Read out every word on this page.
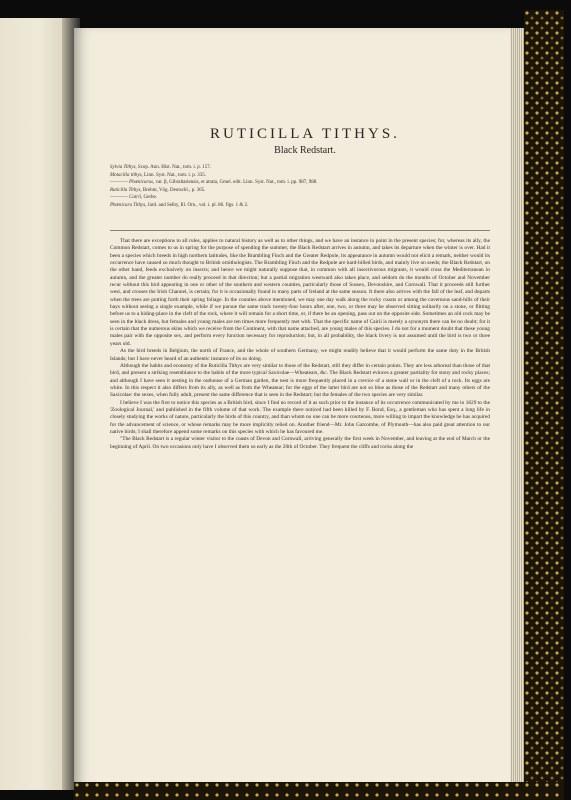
RUTICILLA TITHYS.
Black Redstart.
Sylvia Tithys, Scop. Ann. Hist. Nat., tom. i. p. 157.
Motacilla tithys, Linn. Syst. Nat., tom. i. p. 335.
———— Phœnicurus, var. β, Gibraltariensis, et atrata, Gmel. edit. Linn. Syst. Nat., tom. i. pp. 987, 988.
Ruticilla Tithys, Brehm, Vög. Deutschl., p. 365.
———— Cairii, Gerbe.
Phœnicura Tithys, Jard. and Selby, Ill. Orn., vol. i. pl. 86. figs. 1 & 2.

That there are exceptions to all rules, applies to natural history as well as to other things, and we have an instance in point in the present species; for, whereas its ally, the Common Redstart, comes to us in spring for the purpose of spending the summer, the Black Redstart arrives in autumn, and takes its departure when the winter is over. Had it been a species which breeds in high northern latitudes, like the Brambling Finch and the Greater Redpole, its appearance in autumn would not elicit a remark, neither would its occurrence have caused so much thought to British ornithologists. The Brambling Finch and the Redpole are hard-billed birds, and mainly live on seeds; the Black Redstart, on the other hand, feeds exclusively on insects; and hence we might naturally suppose that, in common with all insectivorous migrants, it would cross the Mediterranean in autumn, and the greater number do really proceed in that direction; but a partial migration westward also takes place, and seldom do the months of October and November recur without this bird appearing in one or other of the southern and western counties, particularly those of Sussex, Devonshire, and Cornwall. That it proceeds still further west, and crosses the Irish Channel, is certain; for it is occasionally found in many parts of Ireland at the same season. It there also arrives with the fall of the leaf, and departs when the trees are putting forth their spring foliage. In the counties above mentioned, we may one day walk along the rocky coasts or among the cavernous sand-hills of their bays without seeing a single example, while if we pursue the same track twenty-four hours after, one, two, or three may be observed sitting solitarily on a stone, or flitting before us to a hiding-place in the cleft of the rock, where it will remain for a short time, or, if there be an opening, pass out on the opposite side. Sometimes an old cock may be seen in the black dress, but females and young males are ten times more frequently met with. That the specific name of Cairii is merely a synonym there can be no doubt; for it is certain that the numerous skins which we receive from the Continent, with that name attached, are young males of this species. I do not for a moment doubt that these young males pair with the opposite sex, and perform every function necessary for reproduction; but, in all probability, the black livery is not assumed until the bird is two or three years old.

As the bird breeds in Belgium, the north of France, and the whole of southern Germany, we might readily believe that it would perform the same duty in the British Islands; but I have never heard of an authentic instance of its so doing.

Although the habits and economy of the Ruticilla Tithys are very similar to those of the Redstart, still they differ in certain points. They are less arboreal than those of that bird, and present a striking resemblance to the habits of the more typical Saxicolae—Wheatears, &c. The Black Redstart evinces a greater partiality for stony and rocky places; and although I have seen it nesting in the outhouse of a German garden, the nest is more frequently placed in a crevice of a stone wall or in the cleft of a rock. Its eggs are white. In this respect it also differs from its ally, as well as from the Wheatear; for the eggs of the latter bird are not so blue as those of the Redstart and many others of the Saxicolae: the sexes, when fully adult, present the same difference that is seen in the Redstart; but the females of the two species are very similar.

I believe I was the first to notice this species as a British bird, since I find no record of it as such prior to the instance of its occurrence communicated by me in 1829 to the 'Zoological Journal,' and published in the fifth volume of that work. The example there noticed had been killed by F. Bond, Esq., a gentleman who has spent a long life in closely studying the works of nature, particularly the birds of this country, and than whom no one can be more courteous, more willing to impart the knowledge he has acquired for the advancement of science, or whose remarks may be more implicitly relied on. Another friend—Mr. John Gatcombe, of Plymouth—has also paid great attention to our native birds; I shall therefore append some remarks on this species with which he has favoured me.

"The Black Redstart is a regular winter visitor to the coasts of Devon and Cornwall, arriving generally the first week in November, and leaving at the end of March or the beginning of April. On two occasions only have I observed them so early as the 20th of October. They frequent the cliffs and rocks along the
